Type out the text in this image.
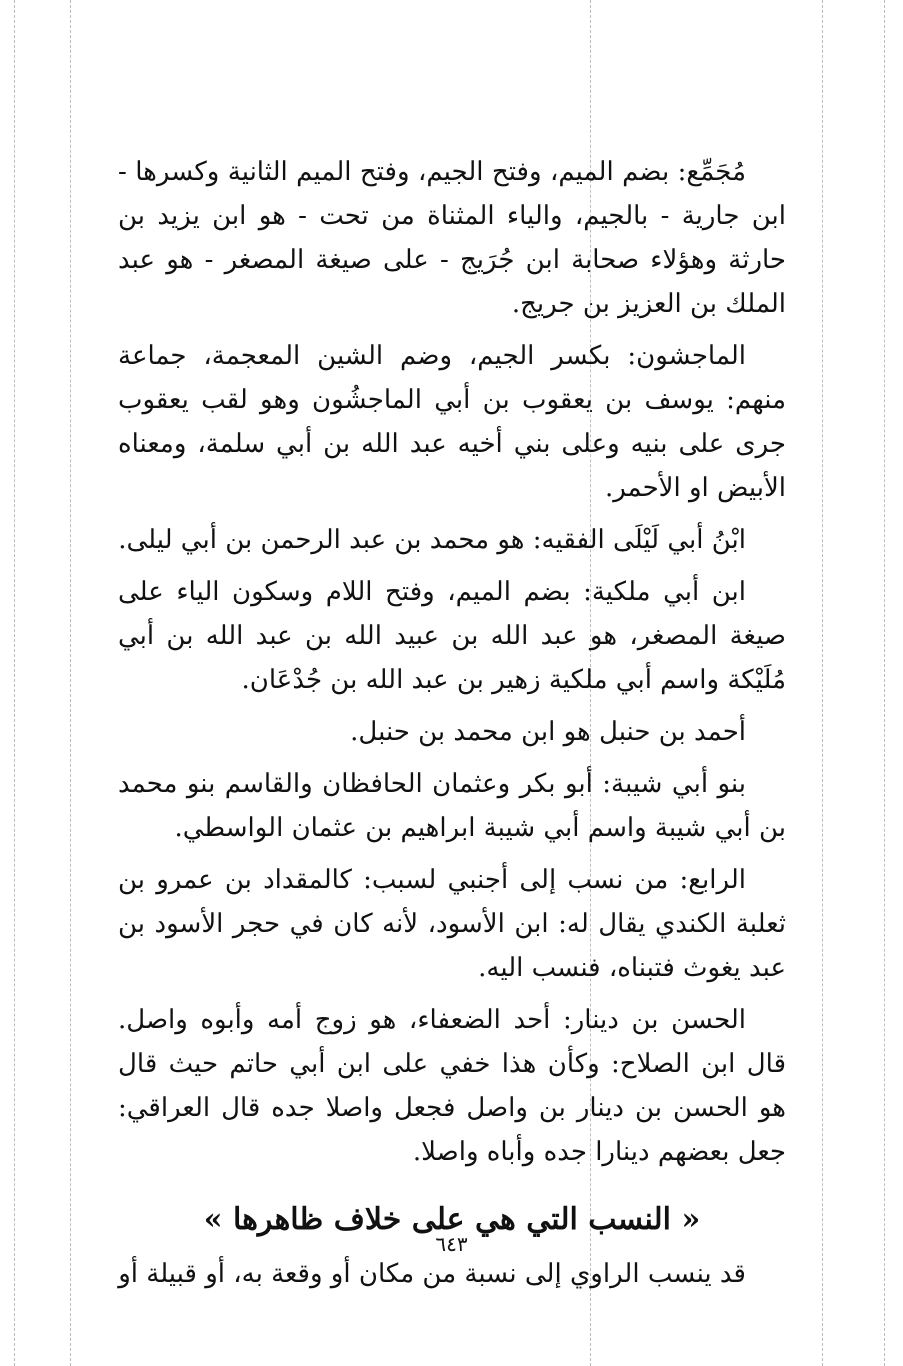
مُجَمِّع: بضم الميم، وفتح الجيم، وفتح الميم الثانية وكسرها - ابن جارية - بالجيم، والياء المثناة من تحت - هو ابن يزيد بن حارثة وهؤلاء صحابة ابن جُرَيج - على صيغة المصغر - هو عبد الملك بن العزيز بن جريج.

الماجشون: بكسر الجيم، وضم الشين المعجمة، جماعة منهم: يوسف بن يعقوب بن أبي الماجشُون وهو لقب يعقوب جرى على بنيه وعلى بني أخيه عبد الله بن أبي سلمة، ومعناه الأبيض او الأحمر.

ابْنُ أبي لَيْلَى الفقيه: هو محمد بن عبد الرحمن بن أبي ليلى.

ابن أبي ملكية: بضم الميم، وفتح اللام وسكون الياء على صيغة المصغر، هو عبد الله بن عبيد الله بن عبد الله بن أبي مُلَيْكة واسم أبي ملكية زهير بن عبد الله بن جُدْعَان.

أحمد بن حنبل هو ابن محمد بن حنبل.

بنو أبي شيبة: أبو بكر وعثمان الحافظان والقاسم بنو محمد بن أبي شيبة واسم أبي شيبة ابراهيم بن عثمان الواسطي.

الرابع: من نسب إلى أجنبي لسبب: كالمقداد بن عمرو بن ثعلبة الكندي يقال له: ابن الأسود، لأنه كان في حجر الأسود بن عبد يغوث فتبناه، فنسب اليه.

الحسن بن دينار: أحد الضعفاء، هو زوج أمه وأبوه واصل. قال ابن الصلاح: وكأن هذا خفي على ابن أبي حاتم حيث قال هو الحسن بن دينار بن واصل فجعل واصلا جده قال العراقي: جعل بعضهم دينارا جده وأباه واصلا.

« النسب التي هي على خلاف ظاهرها »

قد ينسب الراوي إلى نسبة من مكان أو وقعة به، أو قبيلة أو

٦٤٣
